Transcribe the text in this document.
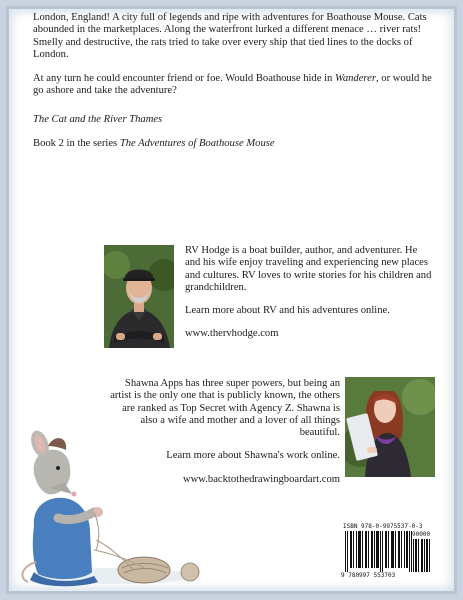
London, England! A city full of legends and ripe with adventures for Boathouse Mouse. Cats abounded in the marketplaces. Along the waterfront lurked a different menace … river rats! Smelly and destructive, the rats tried to take over every ship that tied lines to the docks of London.

At any turn he could encounter friend or foe. Would Boathouse hide in Wanderer, or would he go ashore and take the adventure?

The Cat and the River Thames

Book 2 in the series The Adventures of Boathouse Mouse

RV Hodge is a boat builder, author, and adventurer. He and his wife enjoy traveling and experiencing new places and cultures. RV loves to write stories for his children and grandchildren.

Learn more about RV and his adventures online.

www.thervhodge.com

Shawna Apps has three super powers, but being an artist is the only one that is publicly known, the others are ranked as Top Secret with Agency Z. Shawna is also a wife and mother and a lover of all things beautiful.

Learn more about Shawna's work online.

www.backtothedrawingboardart.com

ISBN 978-0-9975537-0-3
90000
9 780997 553703
